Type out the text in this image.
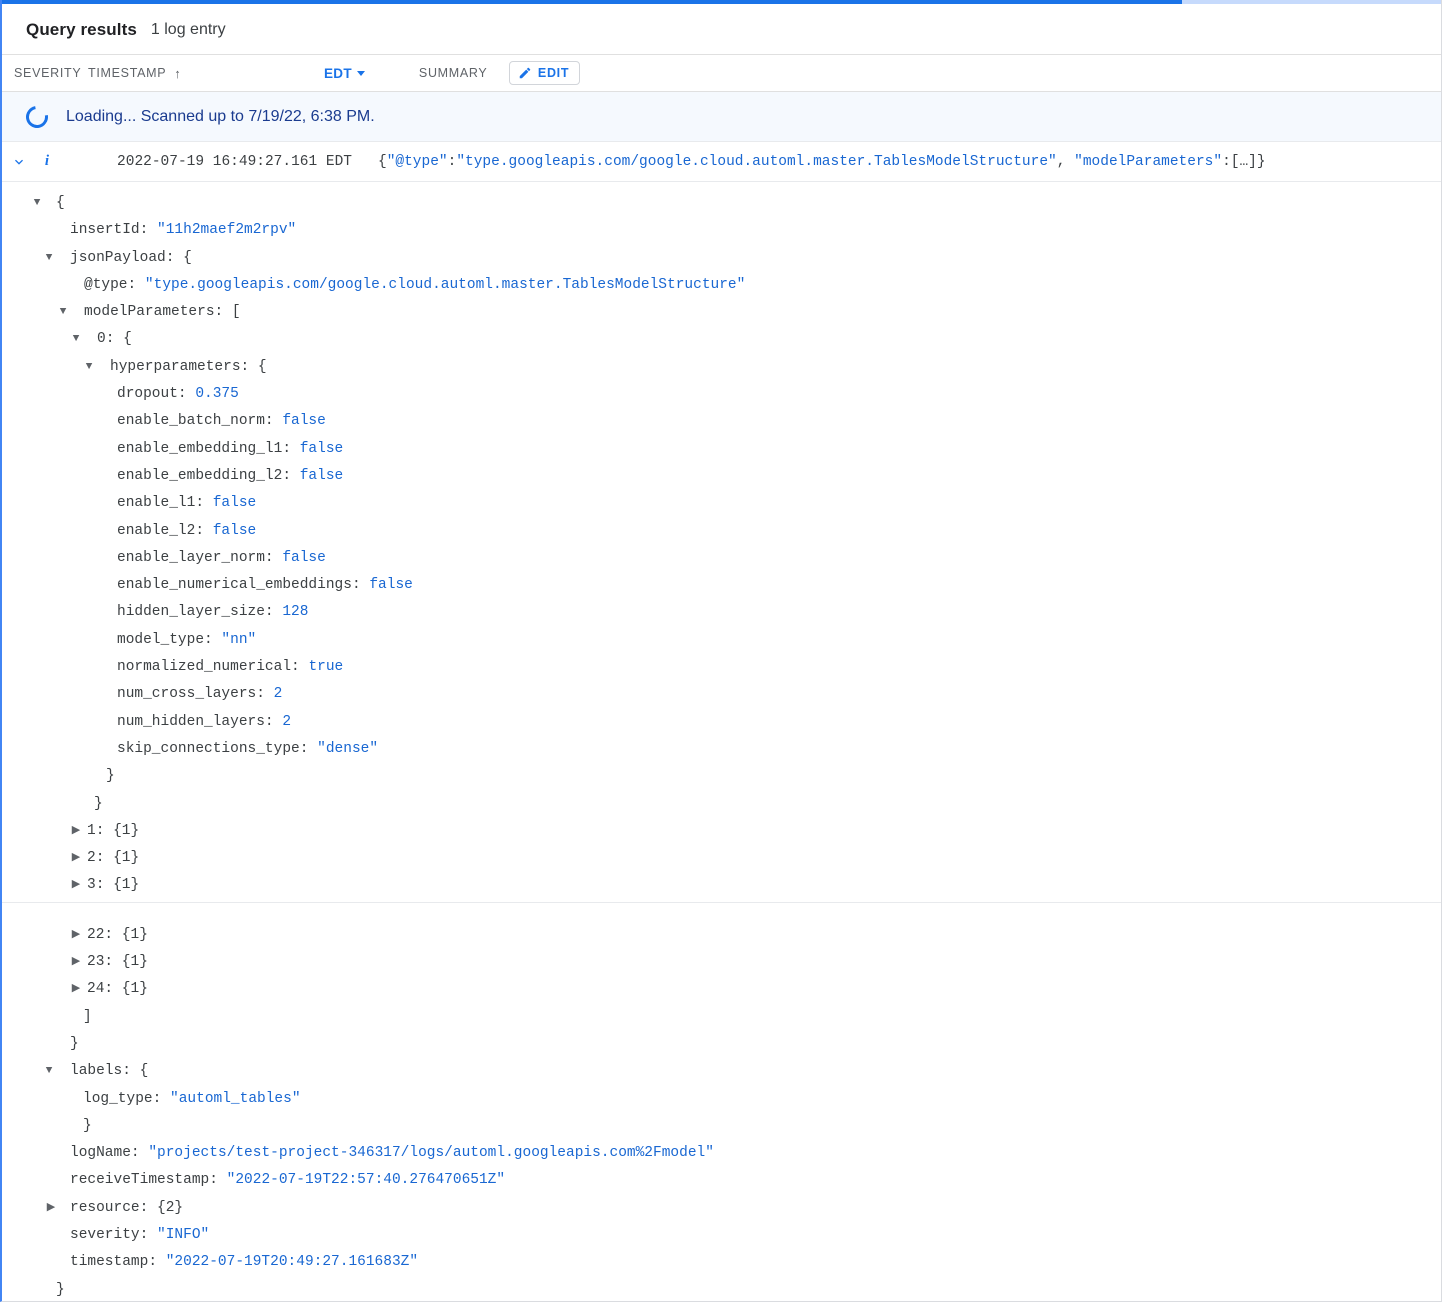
Query results 1 log entry
SEVERITY TIMESTAMP ↑	EDT	SUMMARY	EDIT
Loading... Scanned up to 7/19/22, 6:38 PM.
i	2022-07-19 16:49:27.161 EDT	{"@type":"type.googleapis.com/google.cloud.automl.master.TablesModelStructure", "modelParameters":[…]}
▼
{
insertId: "11h2maef2m2rpv"
▼
jsonPayload: {
@type: "type.googleapis.com/google.cloud.automl.master.TablesModelStructure"
▼
modelParameters: [
▼
0: {
▼
hyperparameters: {
dropout: 0.375
enable_batch_norm: false
enable_embedding_l1: false
enable_embedding_l2: false
enable_l1: false
enable_l2: false
enable_layer_norm: false
enable_numerical_embeddings: false
hidden_layer_size: 128
model_type: "nn"
normalized_numerical: true
num_cross_layers: 2
num_hidden_layers: 2
skip_connections_type: "dense"
}
}
▶
1: {1}
▶
2: {1}
▶
3: {1}
▶
22: {1}
▶
23: {1}
▶
24: {1}
]
}
▼
labels: {
log_type: "automl_tables"
}
logName: "projects/test-project-346317/logs/automl.googleapis.com%2Fmodel"
receiveTimestamp: "2022-07-19T22:57:40.276470651Z"
▶
resource: {2}
severity: "INFO"
timestamp: "2022-07-19T20:49:27.161683Z"
}
